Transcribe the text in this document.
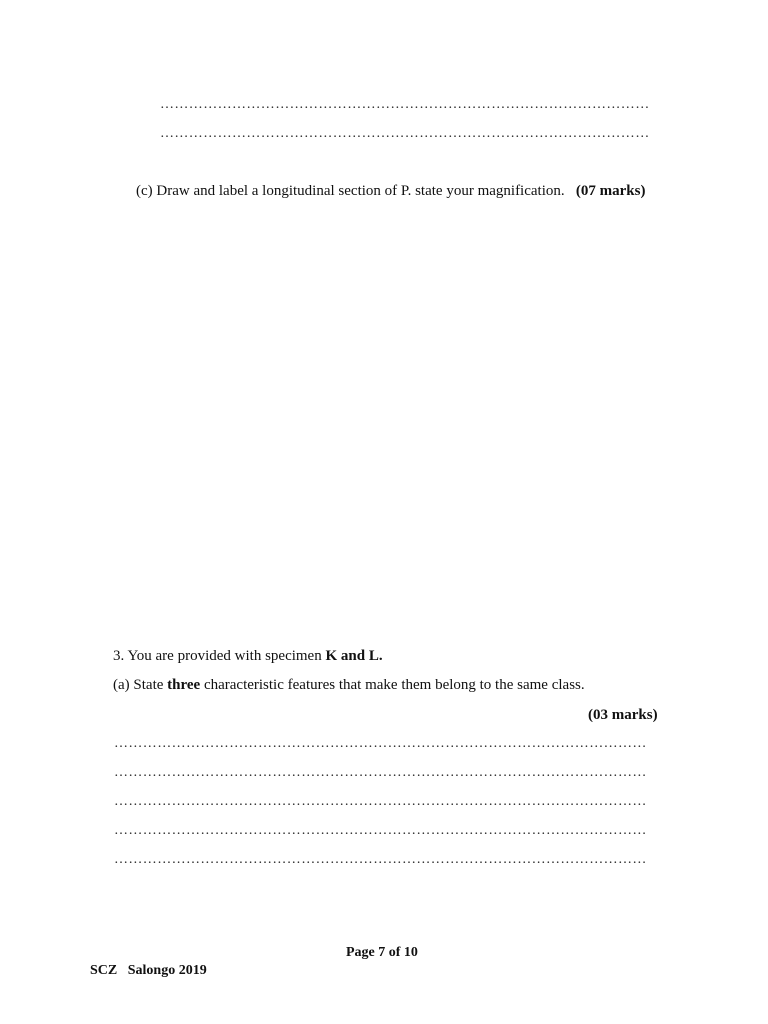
…………………………………………………………………………………………
…………………………………………………………………………………………
(c) Draw and label a longitudinal section of P. state your magnification. (07 marks)
3. You are provided with specimen K and L.
(a) State three characteristic features that make them belong to the same class.
(03 marks)
…………………………………………………………………………………………………
…………………………………………………………………………………………………
…………………………………………………………………………………………………
…………………………………………………………………………………………………
…………………………………………………………………………………………………
Page 7 of 10
SCZ   Salongo 2019
